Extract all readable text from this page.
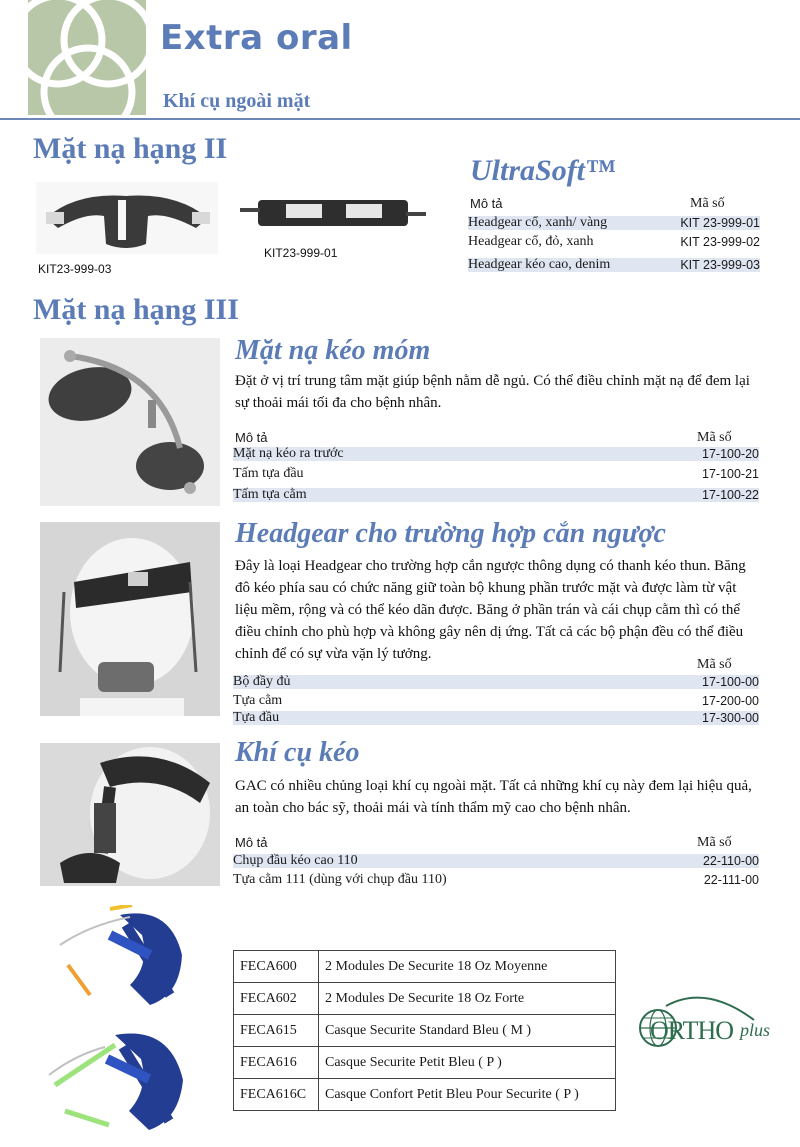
Extra oral
Khí cụ ngoài mặt
Mặt nạ hạng II
KIT23-999-03
KIT23-999-01
UltraSoft™
Mô tả	Mã số
Headgear cổ, xanh/ vàng	KIT 23-999-01
Headgear cổ, đỏ, xanh	KIT 23-999-02
Headgear kéo cao, denim	KIT 23-999-03
Mặt nạ hạng III
Mặt nạ kéo móm
Đặt ở vị trí trung tâm mặt giúp bệnh nằm dễ ngủ. Có thể điều chỉnh mặt nạ để đem lại sự thoải mái tối đa cho bệnh nhân.
Mô tả	Mã số
Mặt nạ kéo ra trước	17-100-20
Tấm tựa đầu	17-100-21
Tấm tựa cằm	17-100-22
Headgear cho trường hợp cắn ngược
Đây là loại Headgear cho trường hợp cắn ngược thông dụng có thanh kéo thun. Băng đô kéo phía sau có chức năng giữ toàn bộ khung phần trước mặt và được làm từ vật liệu mềm, rộng và có thể kéo dãn được. Băng ở phần trán và cái chụp cằm thì có thể điều chỉnh cho phù hợp và không gây nên dị ứng. Tất cả các bộ phận đều có thể điều chỉnh để có sự vừa vặn lý tưởng.
Mã số
Bộ đầy đủ	17-100-00
Tựa cằm	17-200-00
Tựa đầu	17-300-00
Khí cụ kéo
GAC có nhiều chủng loại khí cụ ngoài mặt. Tất cả những khí cụ này đem lại hiệu quả, an toàn cho bác sỹ, thoải mái và tính thẩm mỹ cao cho bệnh nhân.
Mô tả	Mã số
Chụp đầu kéo cao 110	22-110-00
Tựa cằm 111 (dùng với chụp đầu 110)	22-111-00
FECA600	2 Modules De Securite 18 Oz Moyenne
FECA602	2 Modules De Securite 18 Oz Forte
FECA615	Casque Securite Standard Bleu ( M )
FECA616	Casque Securite Petit Bleu ( P )
FECA616C	Casque Confort Petit Bleu Pour Securite ( P )
ORTHO plus
